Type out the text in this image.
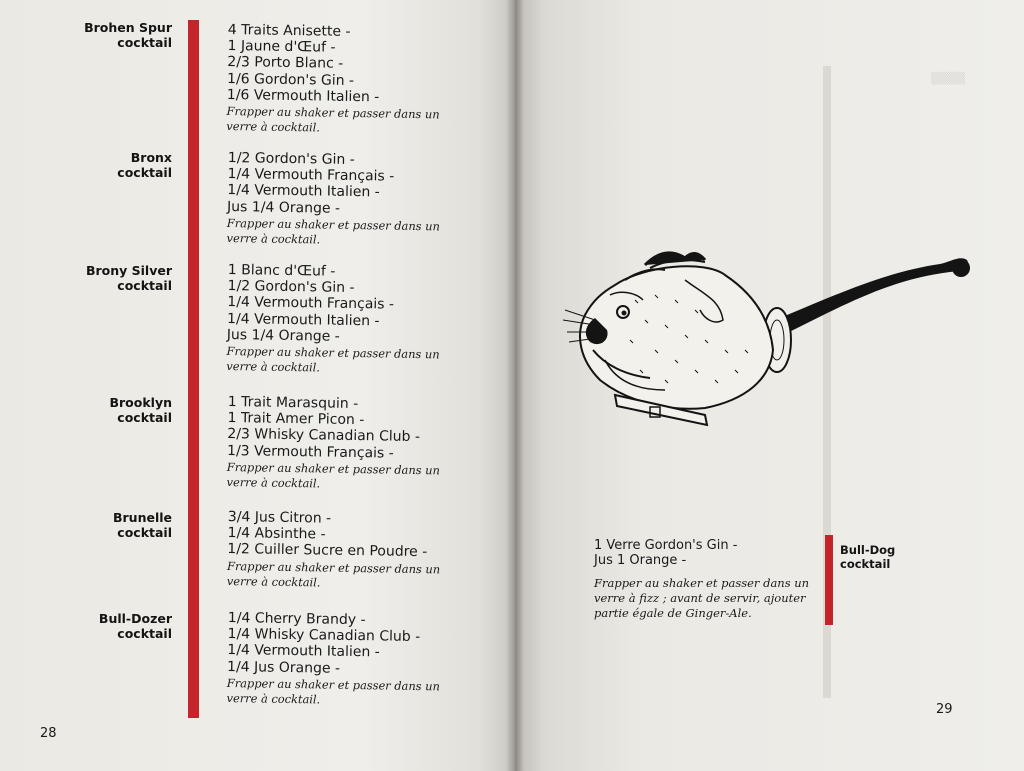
Brohen Spur
cocktail
4 Traits Anisette -
1 Jaune d'Œuf -
2/3 Porto Blanc -
1/6 Gordon's Gin -
1/6 Vermouth Italien -
Frapper au shaker et passer dans un verre à cocktail.
Bronx
cocktail
1/2 Gordon's Gin -
1/4 Vermouth Français -
1/4 Vermouth Italien -
Jus 1/4 Orange -
Frapper au shaker et passer dans un verre à cocktail.
Brony Silver
cocktail
1 Blanc d'Œuf -
1/2 Gordon's Gin -
1/4 Vermouth Français -
1/4 Vermouth Italien -
Jus 1/4 Orange -
Frapper au shaker et passer dans un verre à cocktail.
Brooklyn
cocktail
1 Trait Marasquin -
1 Trait Amer Picon -
2/3 Whisky Canadian Club -
1/3 Vermouth Français -
Frapper au shaker et passer dans un verre à cocktail.
Brunelle
cocktail
3/4 Jus Citron -
1/4 Absinthe -
1/2 Cuiller Sucre en Poudre -
Frapper au shaker et passer dans un verre à cocktail.
Bull-Dozer
cocktail
1/4 Cherry Brandy -
1/4 Whisky Canadian Club -
1/4 Vermouth Italien -
1/4 Jus Orange -
Frapper au shaker et passer dans un verre à cocktail.
28
▒▒▒▒
1 Verre Gordon's Gin -
Jus 1 Orange -
Frapper au shaker et passer dans un verre à fizz ; avant de servir, ajouter partie égale de Ginger-Ale.
Bull-Dog
cocktail
29
